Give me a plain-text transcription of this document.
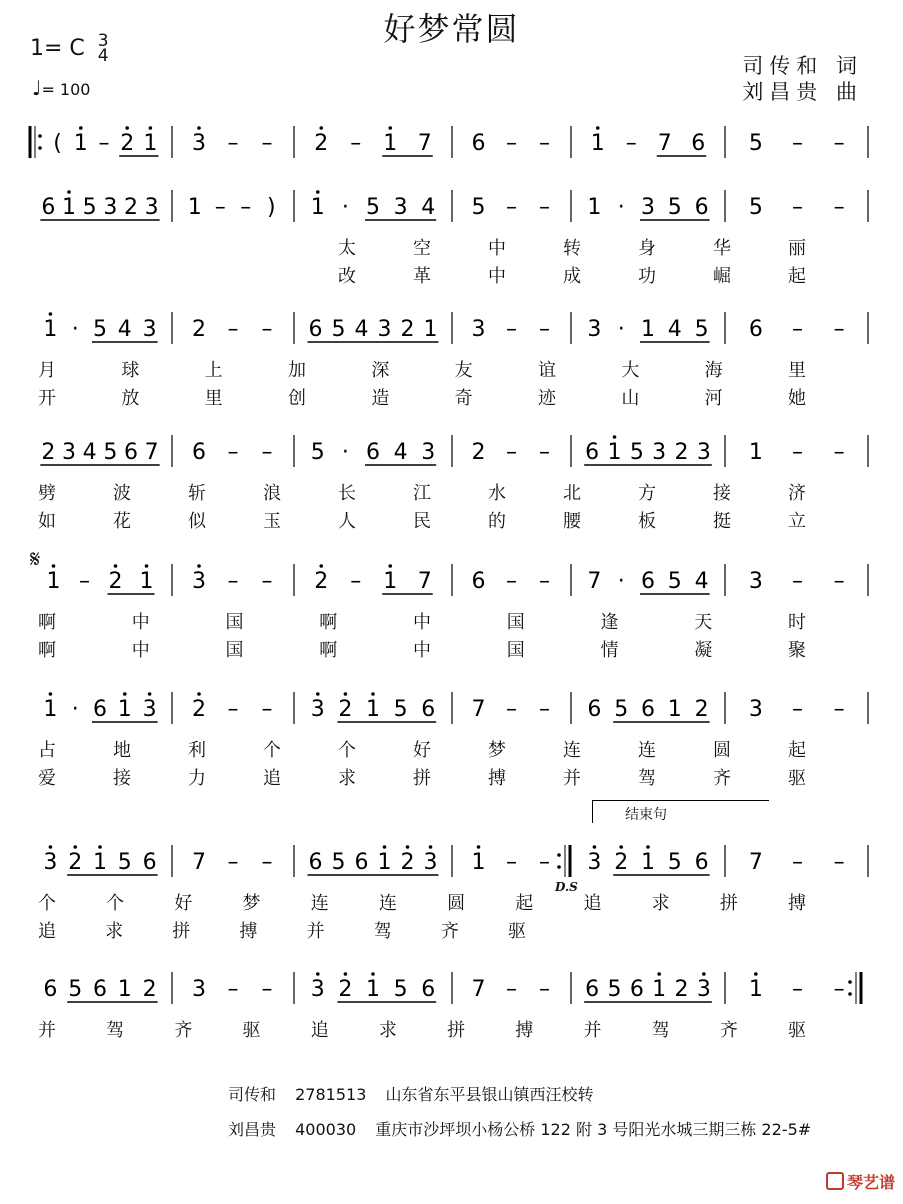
好梦常圆
1= C 3
4
♩= 100
司传和 词
刘昌贵 曲
𝄋
结束句
D.S
( 1 – 2 1 3 – – 2 – 1 7 6 – – 1 – 7 6 5 – –
6 1 5 3 2 3 1 – – ) 1 · 5 3 4 5 – – 1 · 3 5 6 5 – –
太	空	中	转	身	华	丽
改	革	中	成	功	崛	起
1 · 5 4 3 2 – – 6 5 4 3 2 1 3 – – 3 · 1 4 5 6 – –
月	球	上	加	深	友	谊	大	海	里
开	放	里	创	造	奇	迹	山	河	她
2 3 4 5 6 7 6 – – 5 · 6 4 3 2 – – 6 1 5 3 2 3 1 – –
劈	波	斩	浪	长	江	水	北	方	接	济
如	花	似	玉	人	民	的	腰	板	挺	立
1 – 2 1 3 – – 2 – 1 7 6 – – 7 · 6 5 4 3 – –
啊	中	国	啊	中	国	逢	天	时
啊	中	国	啊	中	国	情	凝	聚
1 · 6 1 3 2 – – 3 2 1 5 6 7 – – 6 5 6 1 2 3 – –
占	地	利	个	个	好	梦	连	连	圆	起
爱	接	力	追	求	拼	搏	并	驾	齐	驱
3 2 1 5 6 7 – – 6 5 6 1 2 3 1 – – 3 2 1 5 6 7 – –
个	个	好	梦	连	连	圆	起	追	求	拼	搏
追	求	拼	搏	并	驾	齐	驱
6 5 6 1 2 3 – – 3 2 1 5 6 7 – – 6 5 6 1 2 3 1 – –
并	驾	齐	驱	追	求	拼	搏	并	驾	齐	驱
司传和 2781513 山东省东平县银山镇西汪校转
刘昌贵 400030 重庆市沙坪坝小杨公桥 122 附 3 号阳光水城三期三栋 22-5#
琴艺谱
